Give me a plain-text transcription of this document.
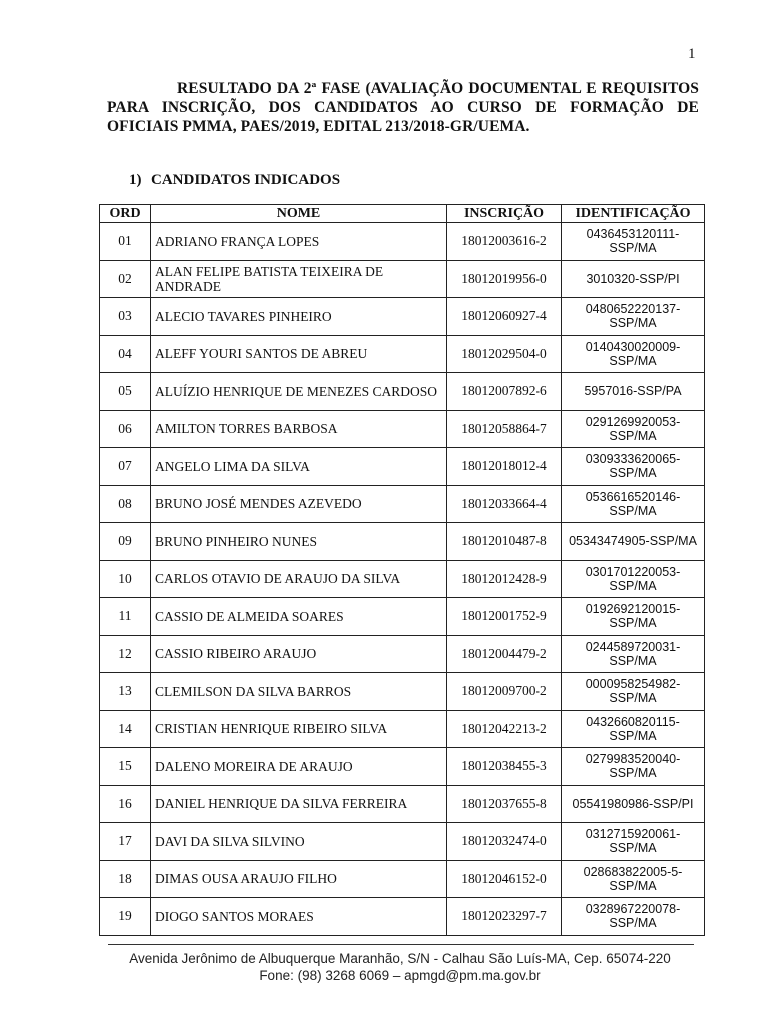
1
RESULTADO DA 2ª FASE (AVALIAÇÃO DOCUMENTAL E REQUISITOS PARA INSCRIÇÃO, DOS CANDIDATOS AO CURSO DE FORMAÇÃO DE OFICIAIS PMMA, PAES/2019, EDITAL 213/2018-GR/UEMA.
1) CANDIDATOS INDICADOS
ORD	NOME	INSCRIÇÃO	IDENTIFICAÇÃO
01	ADRIANO FRANÇA LOPES	18012003616-2	0436453120111-SSP/MA
02	ALAN FELIPE BATISTA TEIXEIRA DE ANDRADE	18012019956-0	3010320-SSP/PI
03	ALECIO TAVARES PINHEIRO	18012060927-4	0480652220137-SSP/MA
04	ALEFF YOURI SANTOS DE ABREU	18012029504-0	0140430020009-SSP/MA
05	ALUÍZIO HENRIQUE DE MENEZES CARDOSO	18012007892-6	5957016-SSP/PA
06	AMILTON TORRES BARBOSA	18012058864-7	0291269920053-SSP/MA
07	ANGELO LIMA DA SILVA	18012018012-4	0309333620065-SSP/MA
08	BRUNO JOSÉ MENDES AZEVEDO	18012033664-4	0536616520146-SSP/MA
09	BRUNO PINHEIRO NUNES	18012010487-8	05343474905-SSP/MA
10	CARLOS OTAVIO DE ARAUJO DA SILVA	18012012428-9	0301701220053-SSP/MA
11	CASSIO DE ALMEIDA SOARES	18012001752-9	0192692120015-SSP/MA
12	CASSIO RIBEIRO ARAUJO	18012004479-2	0244589720031-SSP/MA
13	CLEMILSON DA SILVA BARROS	18012009700-2	0000958254982-SSP/MA
14	CRISTIAN HENRIQUE RIBEIRO SILVA	18012042213-2	0432660820115-SSP/MA
15	DALENO MOREIRA DE ARAUJO	18012038455-3	0279983520040-SSP/MA
16	DANIEL HENRIQUE DA SILVA FERREIRA	18012037655-8	05541980986-SSP/PI
17	DAVI DA SILVA SILVINO	18012032474-0	0312715920061-SSP/MA
18	DIMAS OUSA ARAUJO FILHO	18012046152-0	028683822005-5-SSP/MA
19	DIOGO SANTOS MORAES	18012023297-7	0328967220078-SSP/MA
Avenida Jerônimo de Albuquerque Maranhão, S/N - Calhau São Luís-MA, Cep. 65074-220
Fone: (98) 3268 6069 – apmgd@pm.ma.gov.br
